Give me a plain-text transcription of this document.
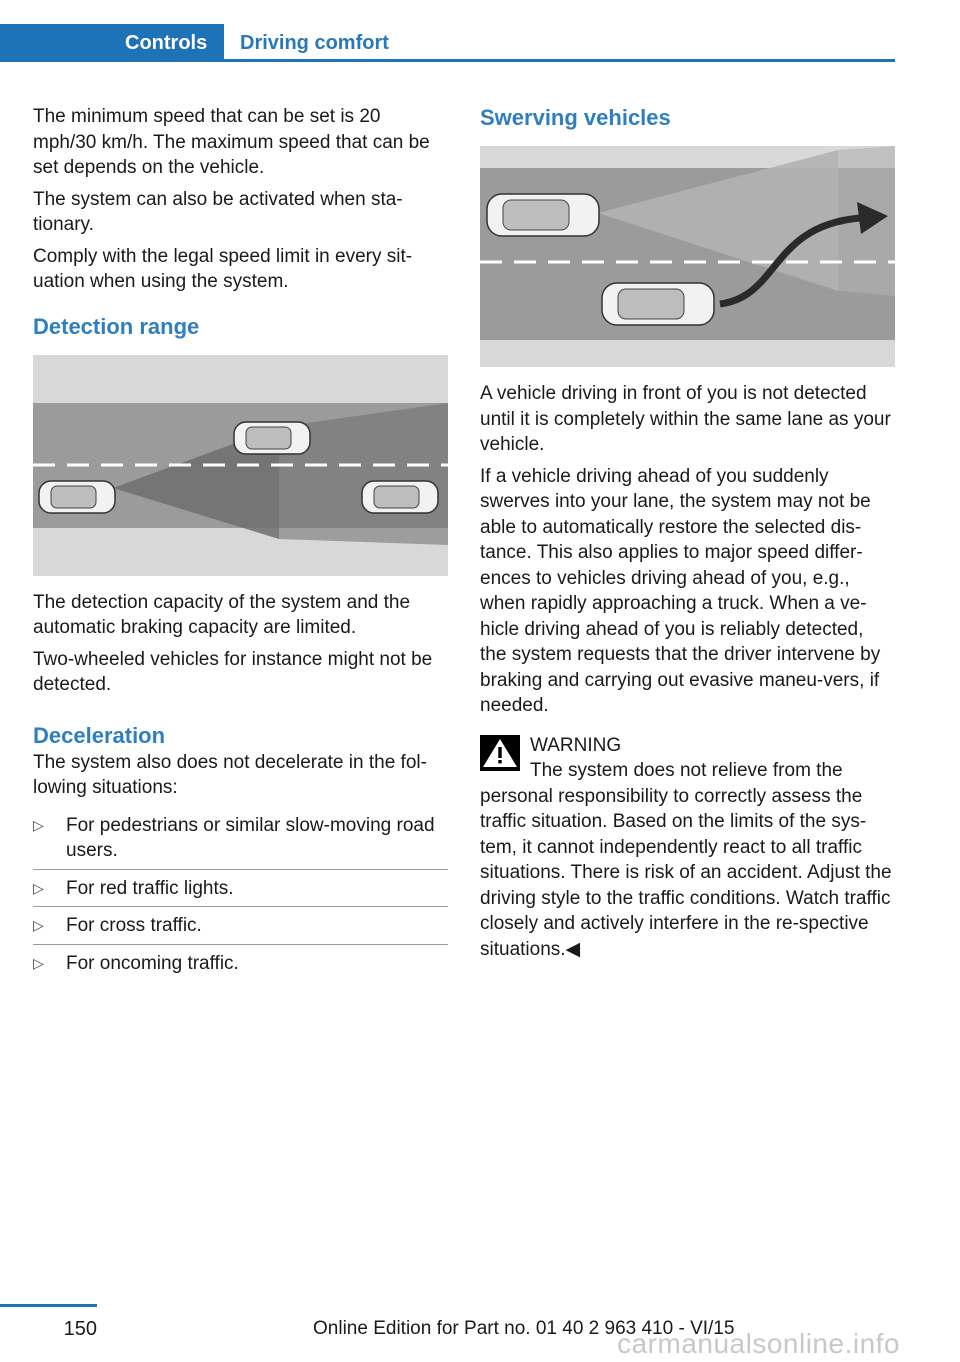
Controls	Driving comfort

The minimum speed that can be set is 20 mph/30 km/h. The maximum speed that can be set depends on the vehicle.

The system can also be activated when sta‐tionary.

Comply with the legal speed limit in every sit‐uation when using the system.

Detection range

The detection capacity of the system and the automatic braking capacity are limited.

Two-wheeled vehicles for instance might not be detected.

Deceleration

The system also does not decelerate in the fol‐lowing situations:

▷ For pedestrians or similar slow-moving road users.
▷ For red traffic lights.
▷ For cross traffic.
▷ For oncoming traffic.
Swerving vehicles

A vehicle driving in front of you is not detected until it is completely within the same lane as your vehicle.

If a vehicle driving ahead of you suddenly swerves into your lane, the system may not be able to automatically restore the selected dis‐tance. This also applies to major speed differ‐ences to vehicles driving ahead of you, e.g., when rapidly approaching a truck. When a ve‐hicle driving ahead of you is reliably detected, the system requests that the driver intervene by braking and carrying out evasive maneu‐vers, if needed.

WARNING
The system does not relieve from the
personal responsibility to correctly assess the traffic situation. Based on the limits of the sys‐tem, it cannot independently react to all traffic situations. There is risk of an accident. Adjust the driving style to the traffic conditions. Watch traffic closely and actively interfere in the re‐spective situations.◀
150	Online Edition for Part no. 01 40 2 963 410 - VI/15
carmanualsonline.info
